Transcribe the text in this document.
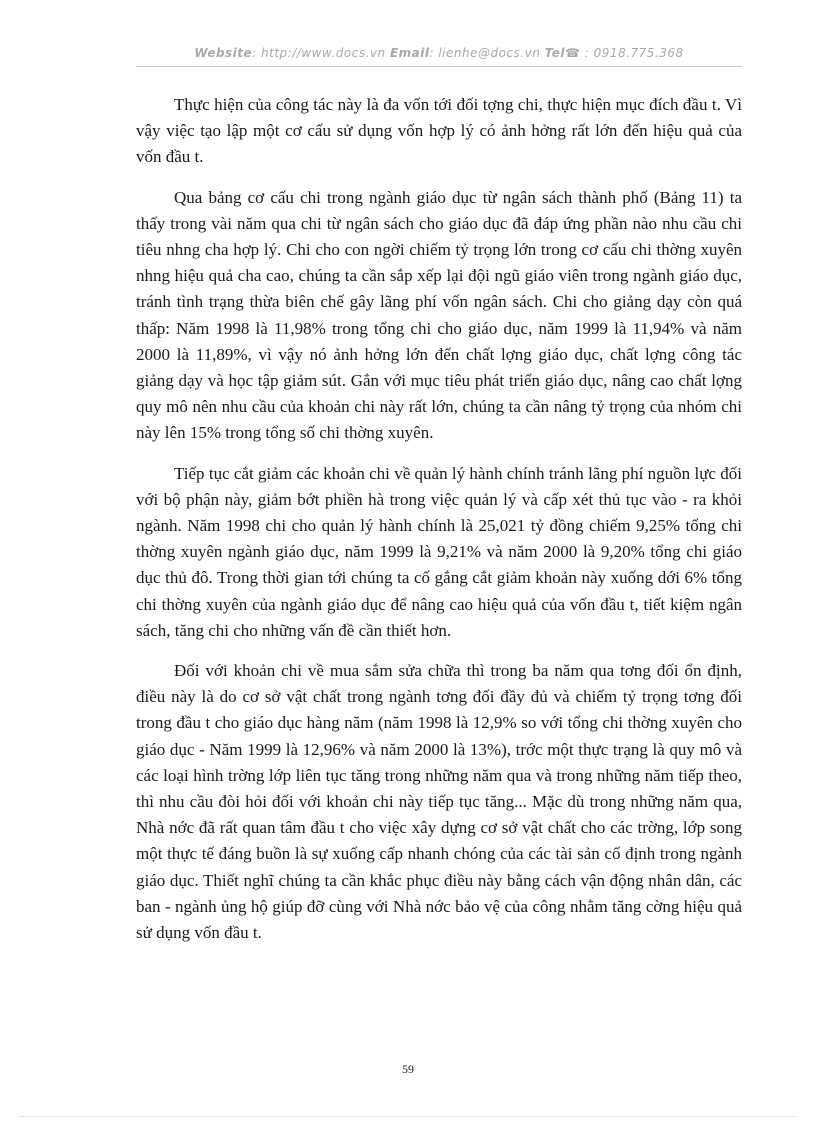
Website: http://www.docs.vn Email: lienhe@docs.vn Tel☎ : 0918.775.368

Thực hiện của công tác này là đa vốn tới đối tợng chi, thực hiện mục đích đầu t. Vì vậy việc tạo lập một cơ cấu sử dụng vốn hợp lý có ảnh hởng rất lớn đến hiệu quả của vốn đầu t.

Qua bảng cơ cấu chi trong ngành giáo dục từ ngân sách thành phố (Bảng 11) ta thấy trong vài năm qua chi từ ngân sách cho giáo dục đã đáp ứng phần nào nhu cầu chi tiêu nhng cha hợp lý. Chi cho con ngời chiếm tỷ trọng lớn trong cơ cấu chi thờng xuyên nhng hiệu quả cha cao, chúng ta cần sắp xếp lại đội ngũ giáo viên trong ngành giáo dục, tránh tình trạng thừa biên chế gây lãng phí vốn ngân sách. Chi cho giảng dạy còn quá thấp: Năm 1998 là 11,98% trong tổng chi cho giáo dục, năm 1999 là 11,94% và năm 2000 là 11,89%, vì vậy nó ảnh hởng lớn đến chất lợng giáo dục, chất lợng công tác giảng dạy và học tập giảm sút. Gắn với mục tiêu phát triển giáo dục, nâng cao chất lợng quy mô nên nhu cầu của khoản chi này rất lớn, chúng ta cần nâng tỷ trọng của nhóm chi này lên 15% trong tổng số chi thờng xuyên.

Tiếp tục cắt giảm các khoản chi về quản lý hành chính tránh lãng phí nguồn lực đối với bộ phận này, giảm bớt phiền hà trong việc quản lý và cấp xét thủ tục vào - ra khỏi ngành. Năm 1998 chi cho quản lý hành chính là 25,021 tỷ đồng chiếm 9,25% tổng chi thờng xuyên ngành giáo dục, năm 1999 là 9,21% và năm 2000 là 9,20% tổng chi giáo dục thủ đô. Trong thời gian tới chúng ta cố gắng cắt giảm khoản này xuống dới 6% tổng chi thờng xuyên của ngành giáo dục để nâng cao hiệu quả của vốn đầu t, tiết kiệm ngân sách, tăng chi cho những vấn đề cần thiết hơn.

Đối với khoản chi về mua sắm sửa chữa thì trong ba năm qua tơng đối ổn định, điều này là do cơ sở vật chất trong ngành tơng đối đầy đủ và chiếm tỷ trọng tơng đối trong đầu t cho giáo dục hàng năm (năm 1998 là 12,9% so với tổng chi thờng xuyên cho giáo dục - Năm 1999 là 12,96% và năm 2000 là 13%), trớc một thực trạng là quy mô và các loại hình trờng lớp liên tục tăng trong những năm qua và trong những năm tiếp theo, thì nhu cầu đòi hỏi đối với khoản chi này tiếp tục tăng... Mặc dù trong những năm qua, Nhà nớc đã rất quan tâm đầu t cho việc xây dựng cơ sở vật chất cho các trờng, lớp song một thực tế đáng buồn là sự xuống cấp nhanh chóng của các tài sản cố định trong ngành giáo dục. Thiết nghĩ chúng ta cần khắc phục điều này bằng cách vận động nhân dân, các ban - ngành ủng hộ giúp đỡ cùng với Nhà nớc bảo vệ của công nhằm tăng cờng hiệu quả sử dụng vốn đầu t.

59
